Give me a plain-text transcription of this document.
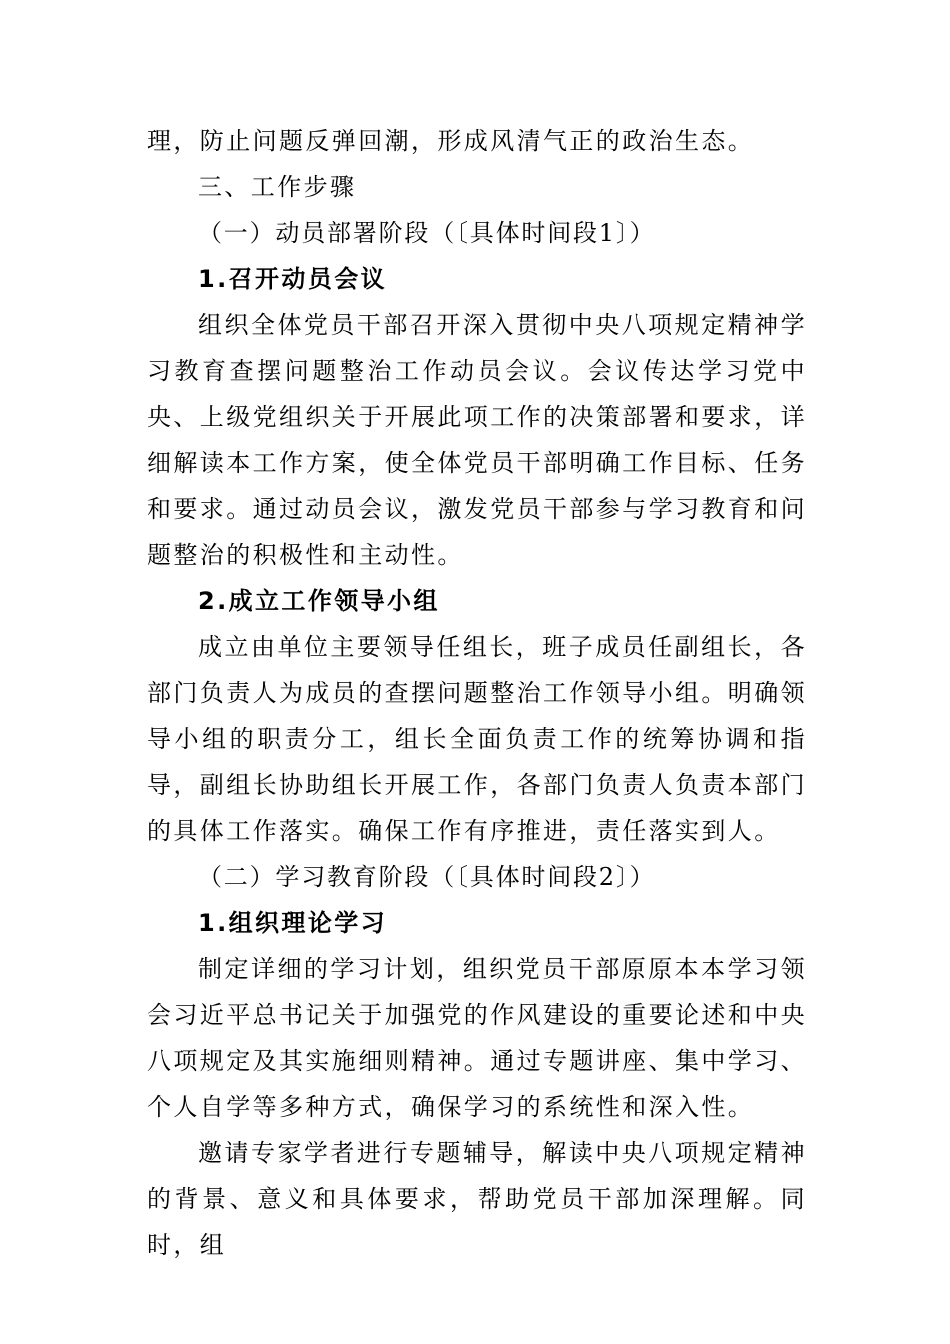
理，防止问题反弹回潮，形成风清气正的政治生态。

三、工作步骤

（一）动员部署阶段（〔具体时间段1〕）

1.召开动员会议

组织全体党员干部召开深入贯彻中央八项规定精神学习教育查摆问题整治工作动员会议。会议传达学习党中央、上级党组织关于开展此项工作的决策部署和要求，详细解读本工作方案，使全体党员干部明确工作目标、任务和要求。通过动员会议，激发党员干部参与学习教育和问题整治的积极性和主动性。

2.成立工作领导小组

成立由单位主要领导任组长，班子成员任副组长，各部门负责人为成员的查摆问题整治工作领导小组。明确领导小组的职责分工，组长全面负责工作的统筹协调和指导，副组长协助组长开展工作，各部门负责人负责本部门的具体工作落实。确保工作有序推进，责任落实到人。

（二）学习教育阶段（〔具体时间段2〕）

1.组织理论学习

制定详细的学习计划，组织党员干部原原本本学习领会习近平总书记关于加强党的作风建设的重要论述和中央八项规定及其实施细则精神。通过专题讲座、集中学习、个人自学等多种方式，确保学习的系统性和深入性。

邀请专家学者进行专题辅导，解读中央八项规定精神的背景、意义和具体要求，帮助党员干部加深理解。同时，组
